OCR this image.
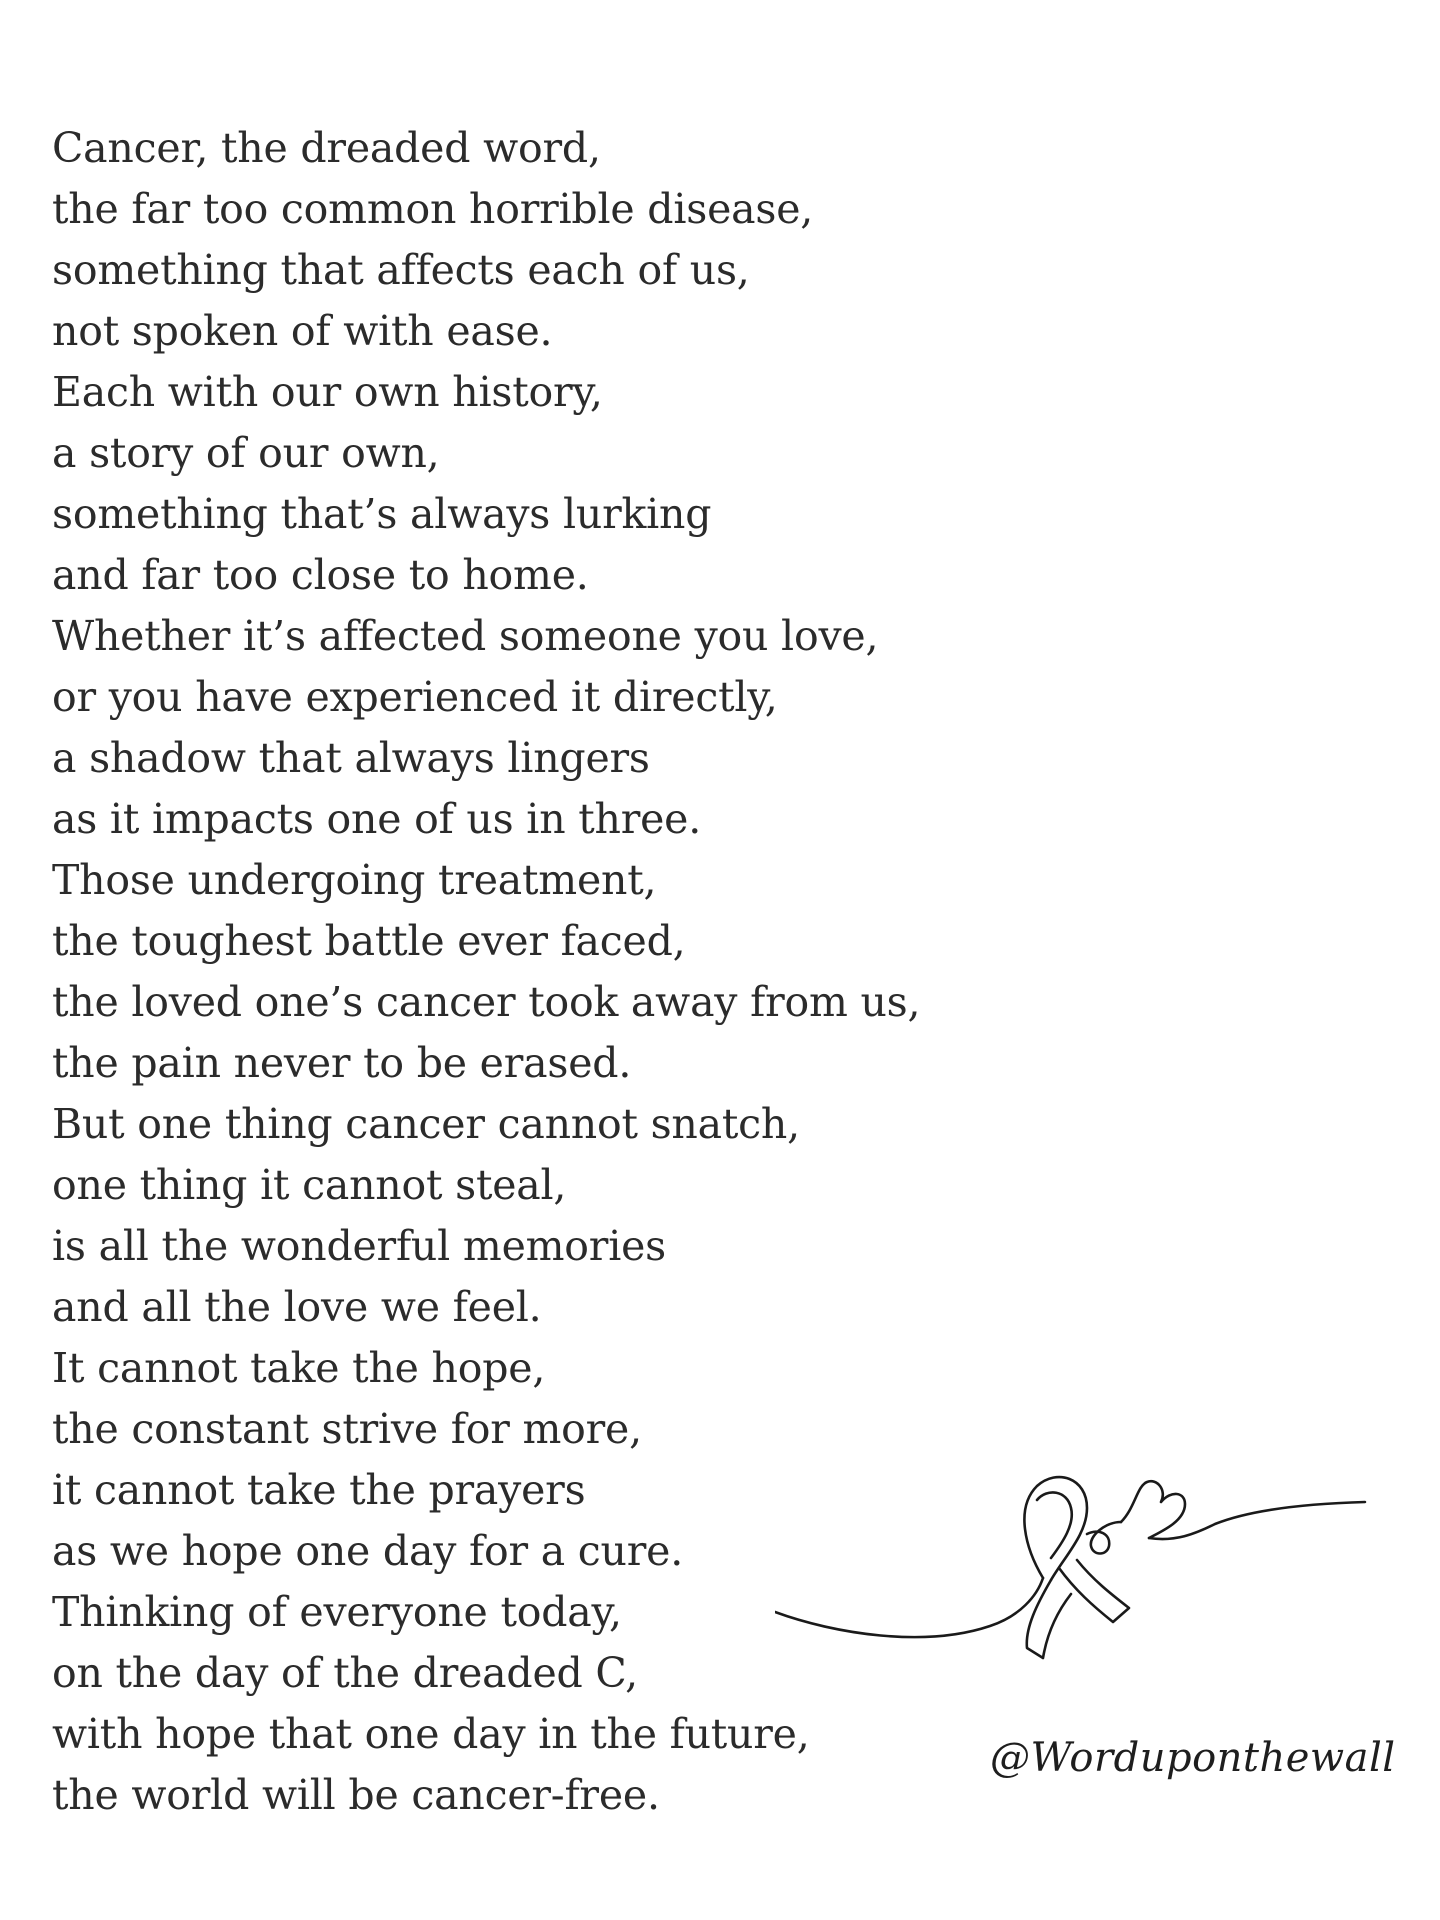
Cancer, the dreaded word,
the far too common horrible disease,
something that affects each of us,
not spoken of with ease.
Each with our own history,
a story of our own,
something that’s always lurking
and far too close to home.
Whether it’s affected someone you love,
or you have experienced it directly,
a shadow that always lingers
as it impacts one of us in three.
Those undergoing treatment,
the toughest battle ever faced,
the loved one’s cancer took away from us,
the pain never to be erased.
But one thing cancer cannot snatch,
one thing it cannot steal,
is all the wonderful memories
and all the love we feel.
It cannot take the hope,
the constant strive for more,
it cannot take the prayers
as we hope one day for a cure.
Thinking of everyone today,
on the day of the dreaded C,
with hope that one day in the future,
the world will be cancer-free.
@Worduponthewall
